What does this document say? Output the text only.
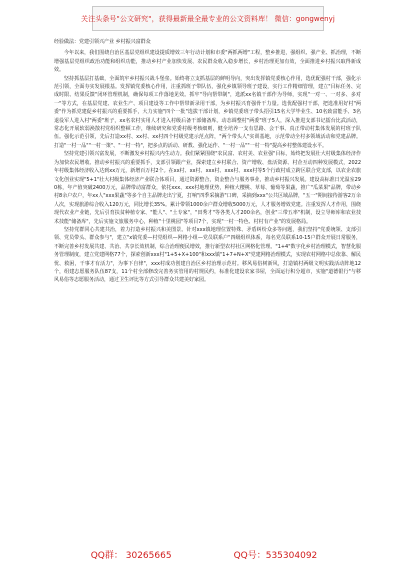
关注头条号"公文研究"，获得最新最全最专业的公文资料库！ 微信：gongwenyj

经验做法：党建引领兴产业 乡村振兴富群众

今年以来，我们围绕自治区基层党组织建设提质增效三年行动计划和市委"两抓两增"工程，整乡推进，强组织、强产业、抓治理，不断增强基层党组织政治功能和组织功能，推动乡村产业加快发展、农民群众收入稳步增长，乡村治理更加有效，全面推进乡村振兴取得新成效。

坚持抓基层打基础，全面筑牢乡村振兴战斗堡垒。始终将立支抓基层的鲜明导向，突出发挥镇党委核心作用，选优配强村干部，强化示范引领，全面夯实发展根基。发挥镇党委核心作用，注重抓班子带队伍，强化乡镇领导班子建设，实行工作精细管理，建立"目标任务、完成时限、结果反馈"闭环管理机制，确保每项工作落地见效。抓牢"导向帮带制"，选派xx名镇干部作为导师，实现"一对一、一对多、多对一"等方式，在基层党建、农业生产、项目建设等工作中帮带新录用干部，为乡村振兴育强骨干力量。选优配强村干部，把选准用好村"两委"作为抓党建促乡村振兴的重要抓手，大力实施"四个一批"选拔干部计划，乡镇党委班子带头招引15名大学毕业生、10名致富能手、3名退役军人进入村"两委"班子，xx名农村实用人才进入村级后备干部储备库。动态调整村"两委"班子5人，深入推进支部书记擂台比武活动，常态化开展软弱涣散村党组织整顿工作，继续研究和党委村级考核细则，健全培养一支有思路、会干事、真正带动村集体发展的村班子队伍。强化示范引领，先后打造xx村、xx村、xx村四个村级党建示范点阵，"两个带头人"实训基地，示范带动全村多领域活动和党建品牌。打造"一村一品""一村一策"、"一村一特"，把多点的活动、研教、强化运作、"一村一品""一村一特"提高乡村整体建设水平。

坚持党建引领兴富发展，不断激发乡村振兴内生动力。我们紧紧围绕"农民富、农村美、农业强"目标，始终把发展壮大村级集体经济作为加快农民增收、推动乡村振兴的重要抓手，支部引领跟产业，探索建立乡村联合、资产增收、盘活资源、村企互动四种发展模式，2022年村级集体经济收入达到xx万元，新增百万村2个。在xx村、xx村、xxx村、xxx村、xxx村等5个行政村成立跨区联合党支部，以农企农旅文化创业实现"5+1"壮大村级集体经济产业联合体项目，通过资源整合，资金整合与服务事业，推动乡村振兴发展。建设高标准日光温室290栋，年产值突破2400万元，品牌带动富群众，依托xxx、xxx村地理优势，种植大樱桃、草莓、葡萄等果蔬，推广"瓜菜果"品牌，带动乡村8余户农户，年xx人"xxx果蔬"等多个自主品牌走出宁夏，打响"四季采摘游"口碑，采摘到xxx"公共区域品牌，"五一"期间接待游客2万余人次，实现旅游综合收入120万元，同比增长35%。累计带领1000余户群众增收5000万元，人才服务增效党建。注重发挥人才作用，围绕现代农业产业链，先后引育扶贫种植专家、"能人"、"土专家"，"田秀才"等各类人才200余名，创业"三带五率"机制，设立导师库和农业技术技能"储备库"，先后实施文旅服务中心，种植"十里桃园"等项目7个，实现"一村一特色、村村有产业"的发展格局。

坚持党群同心共建共治，着力打造乡村振兴和美图景。针对xxx镇地理位置特殊、矛盾纠纷众多等问题，我们坚持"党委统领、支部引领、党员带头、群众参与"，建立"x镇党委—村党组织—网格小组—党员联系户"四级组织体系，每名党员联系10-15户群众开展日常服务，不断完善乡村发展共建、共治、共享长效机制，综合治理便民增效，推行新型农村社区网格化管理。"1+4"数字化乡村治理模式，智慧化服务管理制度，建立党建网格77个，探索创新xxx村"1+5+X+100"和xxx镇"1+7+N+X"党建网格治理模式，实现农村网格中总依靠、解民忧、救困，干事才有活力"，为事下自律"，xxx村成功创建自治区乡村治理示范村。移风易俗树新风，打造镇村两级文明实践活动阵地12个，组建志愿服务队伍87支，11个村全部修改完善务实管用的村规民约，标准化建设农家书屋，全面运行积分超市，实施"道德银行"与移风易俗等志愿服务活动，通过卫生评比等方式引导群众共建美好家园。

QQ群： 30265665	QQ号：535304092
